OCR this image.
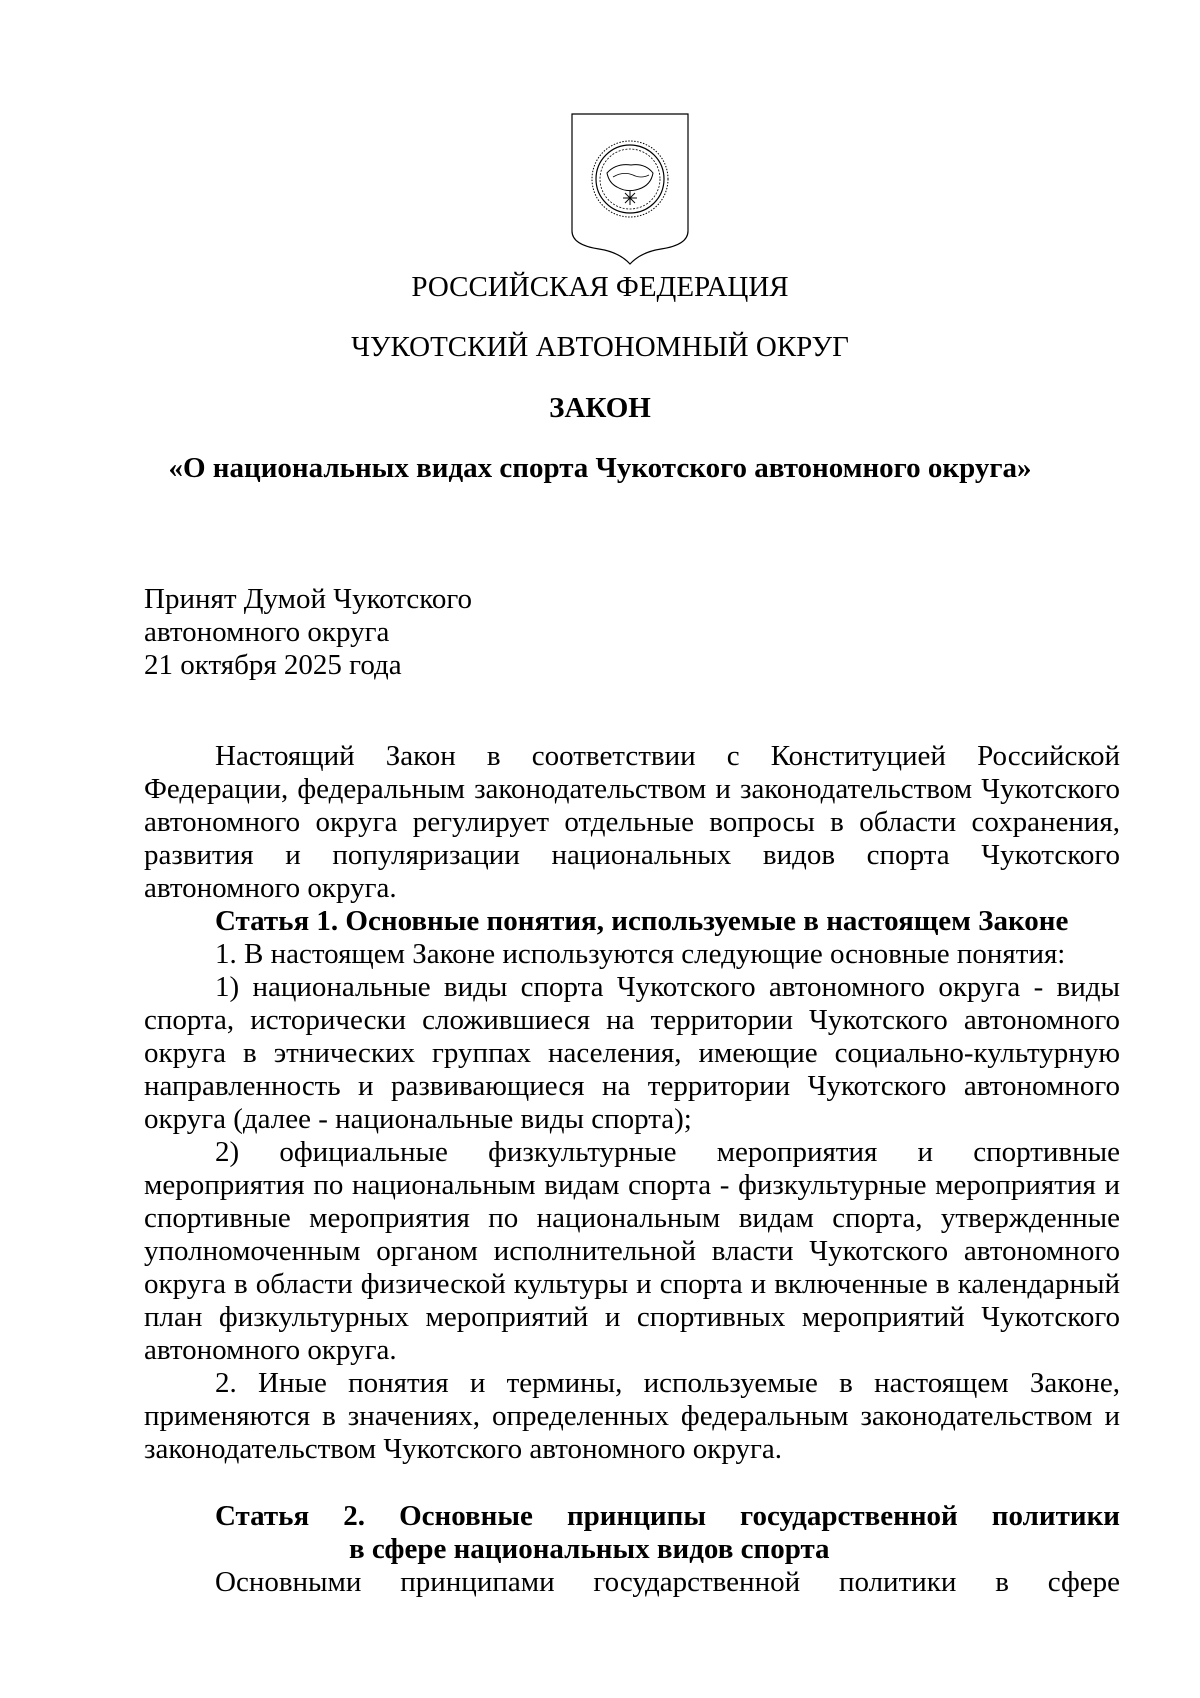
РОССИЙСКАЯ ФЕДЕРАЦИЯ
ЧУКОТСКИЙ АВТОНОМНЫЙ ОКРУГ
ЗАКОН
«О национальных видах спорта Чукотского автономного округа»
Принят Думой Чукотского
автономного округа
21 октября 2025 года

Настоящий Закон в соответствии с Конституцией Российской Федерации, федеральным законодательством и законодательством Чукотского автономного округа регулирует отдельные вопросы в области сохранения, развития и популяризации национальных видов спорта Чукотского автономного округа.

Статья 1. Основные понятия, используемые в настоящем Законе

1. В настоящем Законе используются следующие основные понятия:

1) национальные виды спорта Чукотского автономного округа - виды спорта, исторически сложившиеся на территории Чукотского автономного округа в этнических группах населения, имеющие социально-культурную направленность и развивающиеся на территории Чукотского автономного округа (далее - национальные виды спорта);

2) официальные физкультурные мероприятия и спортивные мероприятия по национальным видам спорта - физкультурные мероприятия и спортивные мероприятия по национальным видам спорта, утвержденные уполномоченным органом исполнительной власти Чукотского автономного округа в области физической культуры и спорта и включенные в календарный план физкультурных мероприятий и спортивных мероприятий Чукотского автономного округа.

2. Иные понятия и термины, используемые в настоящем Законе, применяются в значениях, определенных федеральным законодательством и законодательством Чукотского автономного округа.

Статья 2. Основные принципы государственной политики
в сфере национальных видов спорта

Основными принципами государственной политики в сфере
